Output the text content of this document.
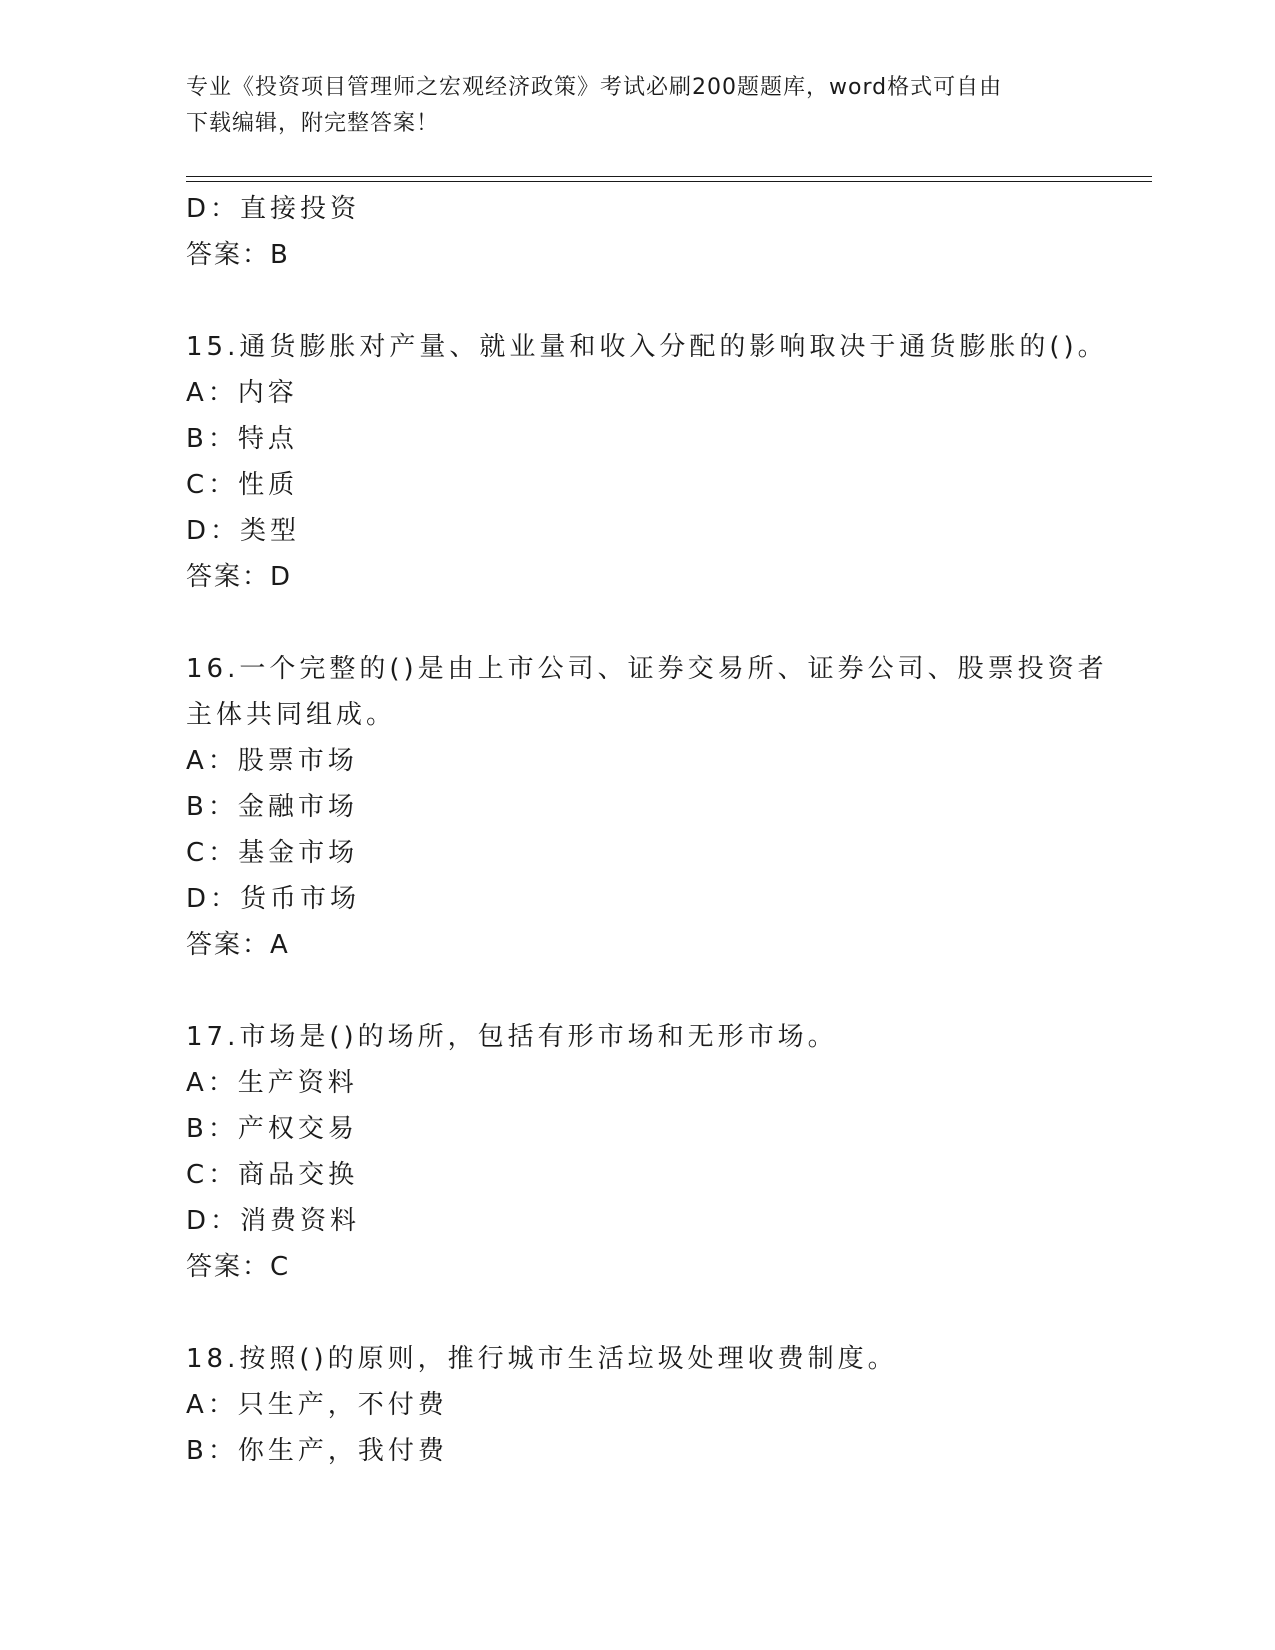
专业《投资项目管理师之宏观经济政策》考试必刷200题题库，word格式可自由
下载编辑，附完整答案！
D：直接投资
答案：B
15.通货膨胀对产量、就业量和收入分配的影响取决于通货膨胀的()。
A：内容
B：特点
C：性质
D：类型
答案：D
16.一个完整的()是由上市公司、证券交易所、证券公司、股票投资者
主体共同组成。
A：股票市场
B：金融市场
C：基金市场
D：货币市场
答案：A
17.市场是()的场所，包括有形市场和无形市场。
A：生产资料
B：产权交易
C：商品交换
D：消费资料
答案：C
18.按照()的原则，推行城市生活垃圾处理收费制度。
A：只生产，不付费
B：你生产，我付费
